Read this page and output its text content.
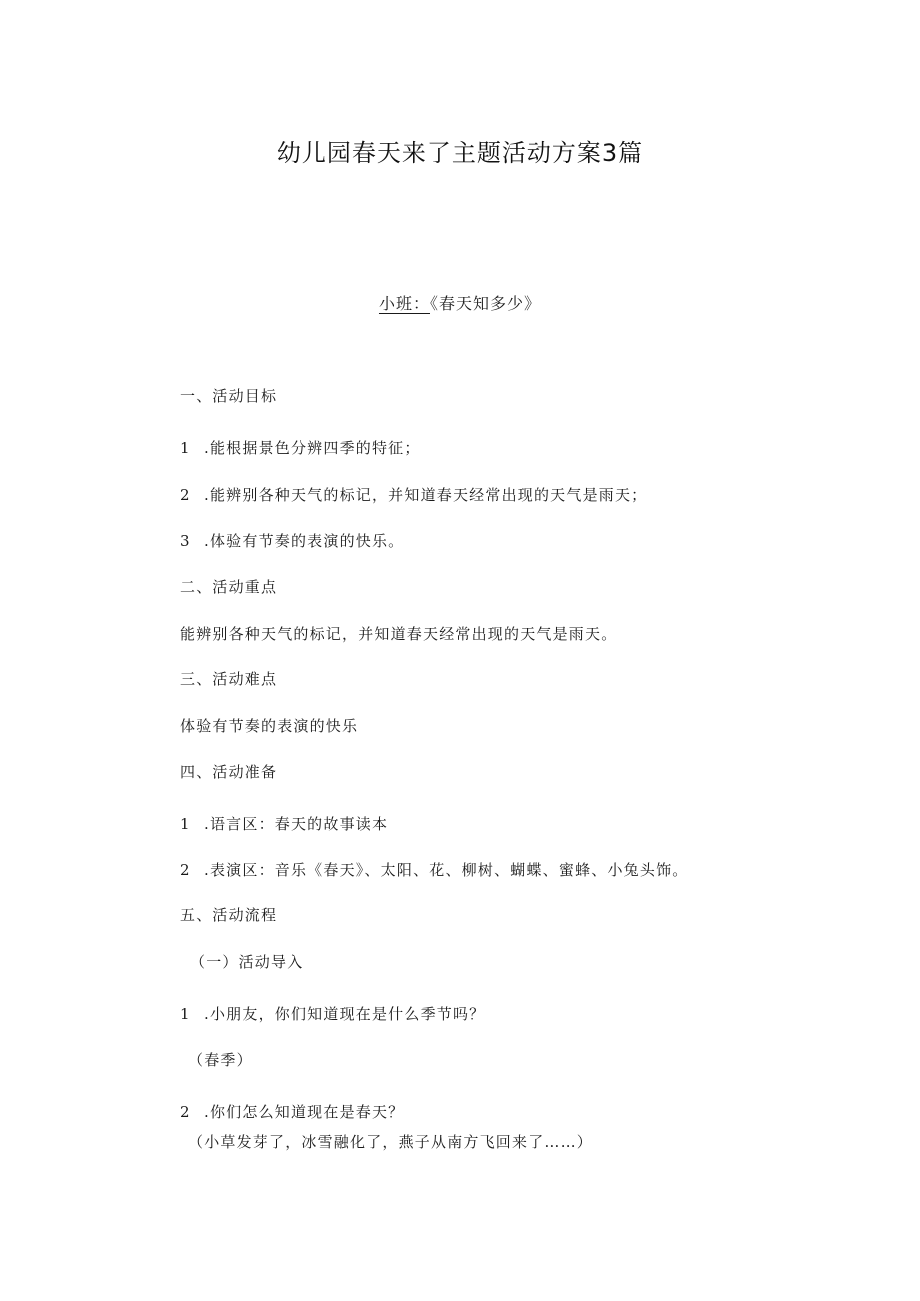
幼儿园春天来了主题活动方案3篇
小班：《春天知多少》
一、活动目标
1 .能根据景色分辨四季的特征；
2 .能辨别各种天气的标记，并知道春天经常出现的天气是雨天；
3 .体验有节奏的表演的快乐。
二、活动重点
能辨别各种天气的标记，并知道春天经常出现的天气是雨天。
三、活动难点
体验有节奏的表演的快乐
四、活动准备
1 .语言区：春天的故事读本
2 .表演区：音乐《春天》、太阳、花、柳树、蝴蝶、蜜蜂、小兔头饰。
五、活动流程
（一）活动导入
1 .小朋友，你们知道现在是什么季节吗？
（春季）
2 .你们怎么知道现在是春天？
（小草发芽了，冰雪融化了，燕子从南方飞回来了……）
